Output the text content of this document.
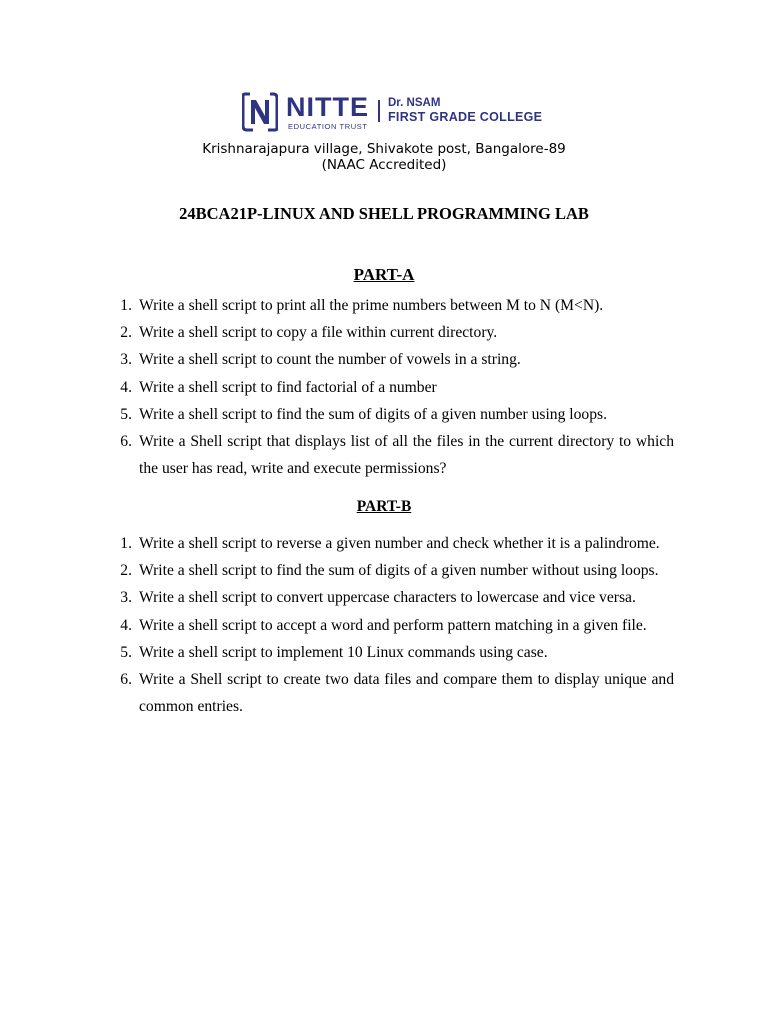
NITTE
EDUCATION TRUST
Dr. NSAM
FIRST GRADE COLLEGE
Krishnarajapura village, Shivakote post, Bangalore-89
(NAAC Accredited)
24BCA21P-LINUX AND SHELL PROGRAMMING LAB
PART-A
1. Write a shell script to print all the prime numbers between M to N (M<N).
2. Write a shell script to copy a file within current directory.
3. Write a shell script to count the number of vowels in a string.
4. Write a shell script to find factorial of a number
5. Write a shell script to find the sum of digits of a given number using loops.
6. Write a Shell script that displays list of all the files in the current directory to which the user has read, write and execute permissions?
PART-B
1. Write a shell script to reverse a given number and check whether it is a palindrome.
2. Write a shell script to find the sum of digits of a given number without using loops.
3. Write a shell script to convert uppercase characters to lowercase and vice versa.
4. Write a shell script to accept a word and perform pattern matching in a given file.
5. Write a shell script to implement 10 Linux commands using case.
6. Write a Shell script to create two data files and compare them to display unique and common entries.
